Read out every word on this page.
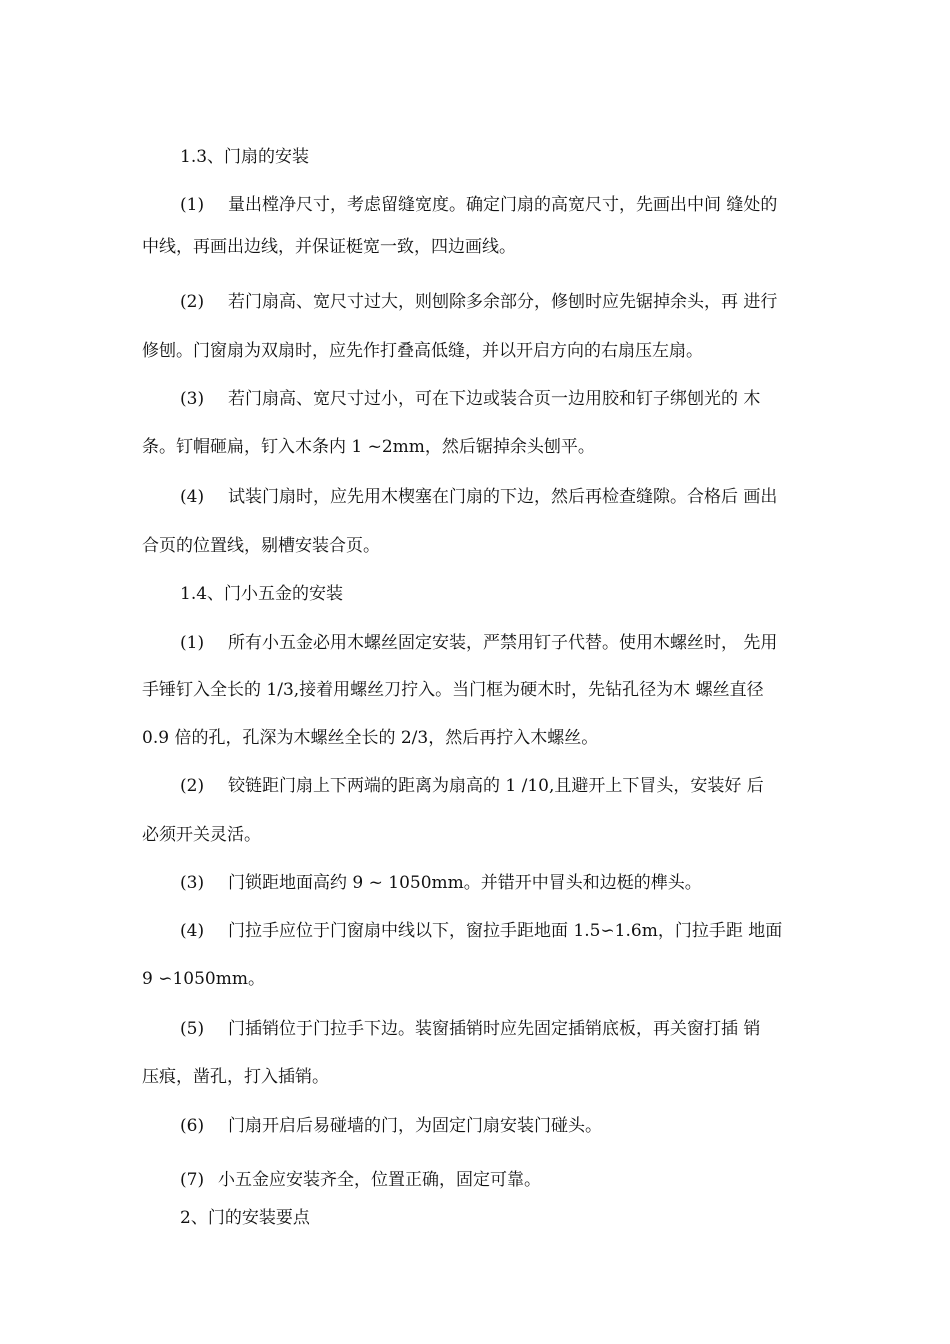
1.3、门扇的安装
(1) 量出樘净尺寸，考虑留缝宽度。确定门扇的高宽尺寸，先画出中间 缝处的
中线，再画出边线，并保证梃宽一致，四边画线。
(2) 若门扇高、宽尺寸过大，则刨除多余部分，修刨时应先锯掉余头，再 进行
修刨。门窗扇为双扇时，应先作打叠高低缝，并以开启方向的右扇压左扇。
(3) 若门扇高、宽尺寸过小，可在下边或装合页一边用胶和钉子绑刨光的 木
条。钉帽砸扁，钉入木条内 1 ~2mm，然后锯掉余头刨平。
(4) 试装门扇时，应先用木楔塞在门扇的下边，然后再检查缝隙。合格后 画出
合页的位置线，剔槽安装合页。
1.4、门小五金的安装
(1) 所有小五金必用木螺丝固定安装，严禁用钉子代替。使用木螺丝时， 先用
手锤钉入全长的 1/3,接着用螺丝刀拧入。当门框为硬木时，先钻孔径为木 螺丝直径
0.9 倍的孔，孔深为木螺丝全长的 2/3，然后再拧入木螺丝。
(2) 铰链距门扇上下两端的距离为扇高的 1 /10,且避开上下冒头，安装好 后
必须开关灵活。
(3) 门锁距地面高约 9 ~ 1050mm。并错开中冒头和边梃的榫头。
(4) 门拉手应位于门窗扇中线以下，窗拉手距地面 1.5∽1.6m，门拉手距 地面
9 ∽1050mm。
(5) 门插销位于门拉手下边。装窗插销时应先固定插销底板，再关窗打插 销
压痕，凿孔，打入插销。
(6) 门扇开启后易碰墙的门，为固定门扇安装门碰头。
(7) 小五金应安装齐全，位置正确，固定可靠。
2、门的安装要点
